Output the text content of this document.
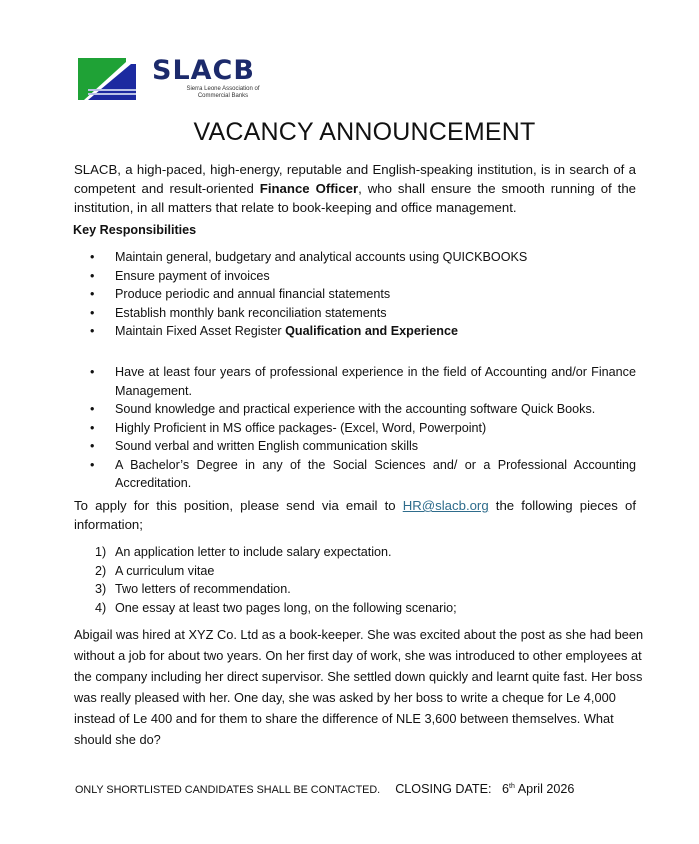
SLACB
Sierra Leone Association of
Commercial Banks
VACANCY ANNOUNCEMENT
SLACB, a high-paced, high-energy, reputable and English-speaking institution, is in search of a competent and result-oriented Finance Officer, who shall ensure the smooth running of the institution, in all matters that relate to book-keeping and office management.
Key Responsibilities
• Maintain general, budgetary and analytical accounts using QUICKBOOKS
• Ensure payment of invoices
• Produce periodic and annual financial statements
• Establish monthly bank reconciliation statements
• Maintain Fixed Asset Register Qualification and Experience
• Have at least four years of professional experience in the field of Accounting and/or Finance Management.
• Sound knowledge and practical experience with the accounting software Quick Books.
• Highly Proficient in MS office packages- (Excel, Word, Powerpoint)
• Sound verbal and written English communication skills
• A Bachelor’s Degree in any of the Social Sciences and/ or a Professional Accounting Accreditation.
To apply for this position, please send via email to HR@slacb.org the following pieces of information;
1) An application letter to include salary expectation.
2) A curriculum vitae
3) Two letters of recommendation.
4) One essay at least two pages long, on the following scenario;
Abigail was hired at XYZ Co. Ltd as a book-keeper. She was excited about the post as she had been without a job for about two years. On her first day of work, she was introduced to other employees at the company including her direct supervisor. She settled down quickly and learnt quite fast. Her boss was really pleased with her. One day, she was asked by her boss to write a cheque for Le 4,000 instead of Le 400 and for them to share the difference of NLE 3,600 between themselves. What should she do?
ONLY SHORTLISTED CANDIDATES SHALL BE CONTACTED. CLOSING DATE: 6th April 2026
